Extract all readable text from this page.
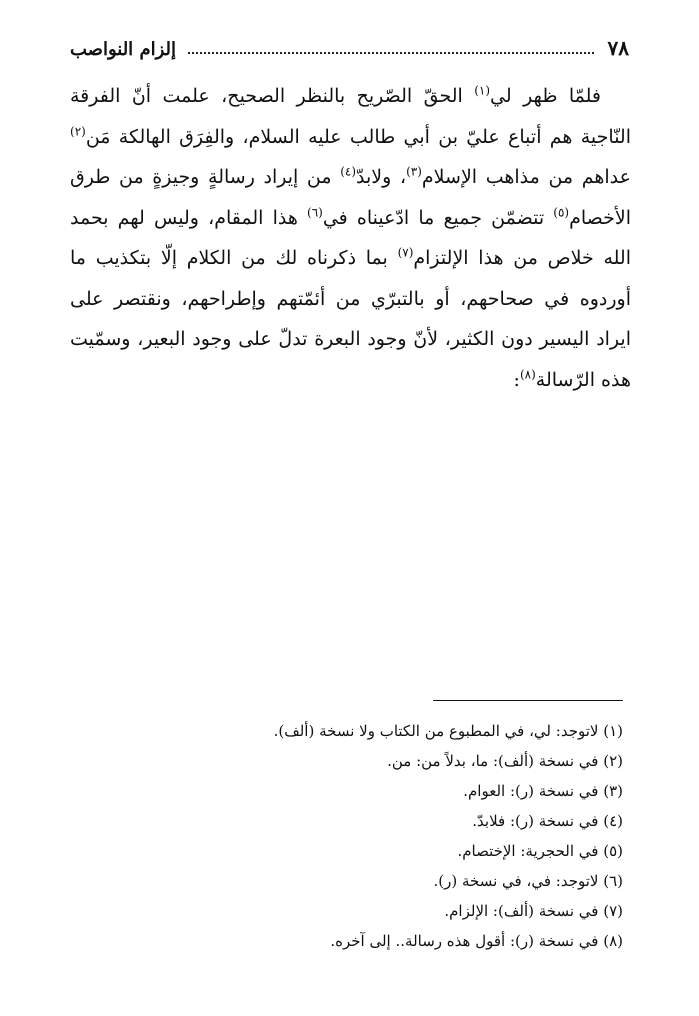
٧٨
إلزام النواصب

فلمّا ظهر لي$^{(١)}$ الحقّ الصّريح بالنظر الصحيح، علمت أنّ الفرقة النّاجية هم أتباع عليّ بن أبي طالب عليه السلام، والفِرَق الهالكة مَن$^{(٢)}$ عداهم من مذاهب الإسلام$^{(٣)}$، ولابدّ$^{(٤)}$ من إيراد رسالةٍ وجيزةٍ من طرق الأخصام$^{(٥)}$ تتضمّن جميع ما ادّعيناه في$^{(٦)}$ هذا المقام، وليس لهم بحمد الله خلاص من هذا الإلتزام$^{(٧)}$ بما ذكرناه لك من الكلام إلّا بتكذيب ما أوردوه في صحاحهم، أو بالتبرّي من أئمّتهم وإطراحهم، ونقتصر على ايراد اليسير دون الكثير، لأنّ وجود البعرة تدلّ على وجود البعير، وسمّيت هذه الرّسالة$^{(٨)}$:

(١) لاتوجد: لي، في المطبوع من الكتاب ولا نسخة (ألف).
(٢) في نسخة (ألف): ما، بدلاً من: من.
(٣) في نسخة (ر): العوام.
(٤) في نسخة (ر): فلابدّ.
(٥) في الحجرية: الإختصام.
(٦) لاتوجد: في، في نسخة (ر).
(٧) في نسخة (ألف): الإلزام.
(٨) في نسخة (ر): أقول هذه رسالة.. إلى آخره.
